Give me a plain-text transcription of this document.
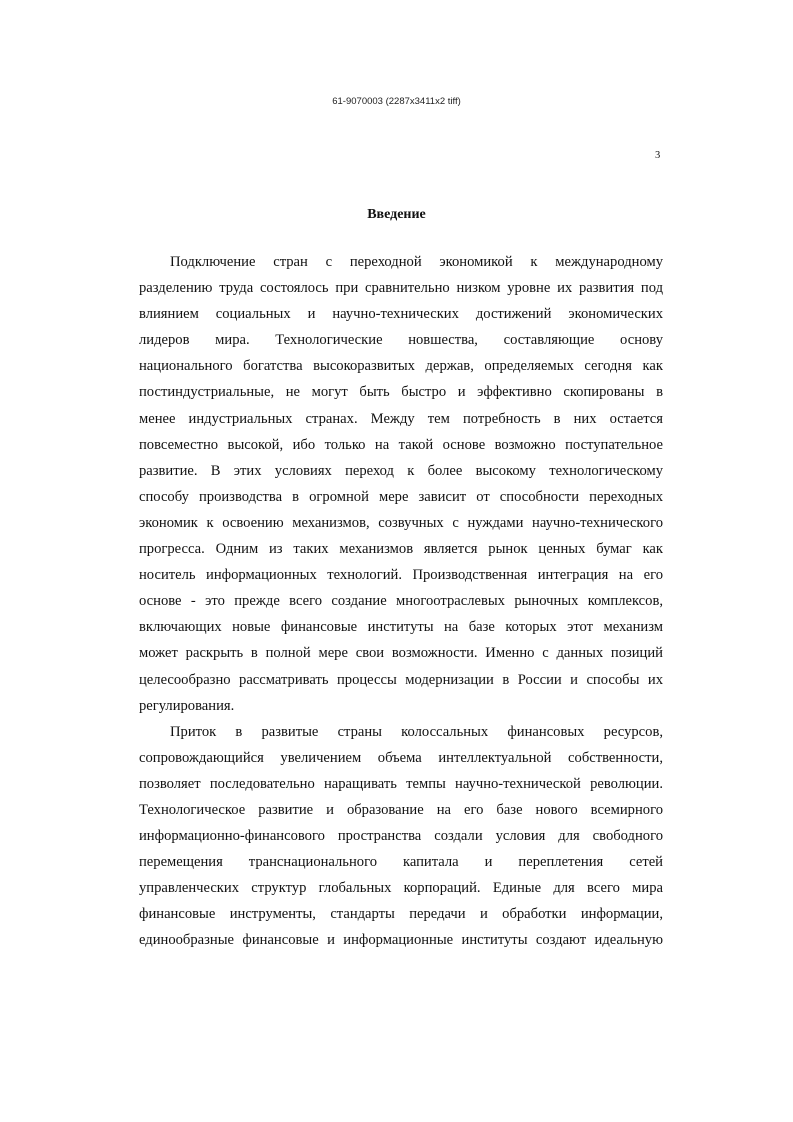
61-9070003 (2287x3411x2 tiff)
3
Введение
Подключение стран с переходной экономикой к международному
разделению труда состоялось при сравнительно низком уровне их развития под
влиянием социальных и научно-технических достижений экономических
лидеров мира. Технологические новшества, составляющие основу
национального богатства высокоразвитых держав, определяемых сегодня как
постиндустриальные, не могут быть быстро и эффективно скопированы в
менее индустриальных странах. Между тем потребность в них остается
повсеместно высокой, ибо только на такой основе возможно поступательное
развитие. В этих условиях переход к более высокому технологическому
способу производства в огромной мере зависит от способности переходных
экономик к освоению механизмов, созвучных с нуждами научно-технического
прогресса. Одним из таких механизмов является рынок ценных бумаг как
носитель информационных технологий. Производственная интеграция на его
основе - это прежде всего создание многоотраслевых рыночных комплексов,
включающих новые финансовые институты на базе которых этот механизм
может раскрыть в полной мере свои возможности. Именно с данных позиций
целесообразно рассматривать процессы модернизации в России и способы их
регулирования.
Приток в развитые страны колоссальных финансовых ресурсов,
сопровождающийся увеличением объема интеллектуальной собственности,
позволяет последовательно наращивать темпы научно-технической революции.
Технологическое развитие и образование на его базе нового всемирного
информационно-финансового пространства создали условия для свободного
перемещения транснационального капитала и переплетения сетей
управленческих структур глобальных корпораций. Единые для всего мира
финансовые инструменты, стандарты передачи и обработки информации,
единообразные финансовые и информационные институты создают идеальную
